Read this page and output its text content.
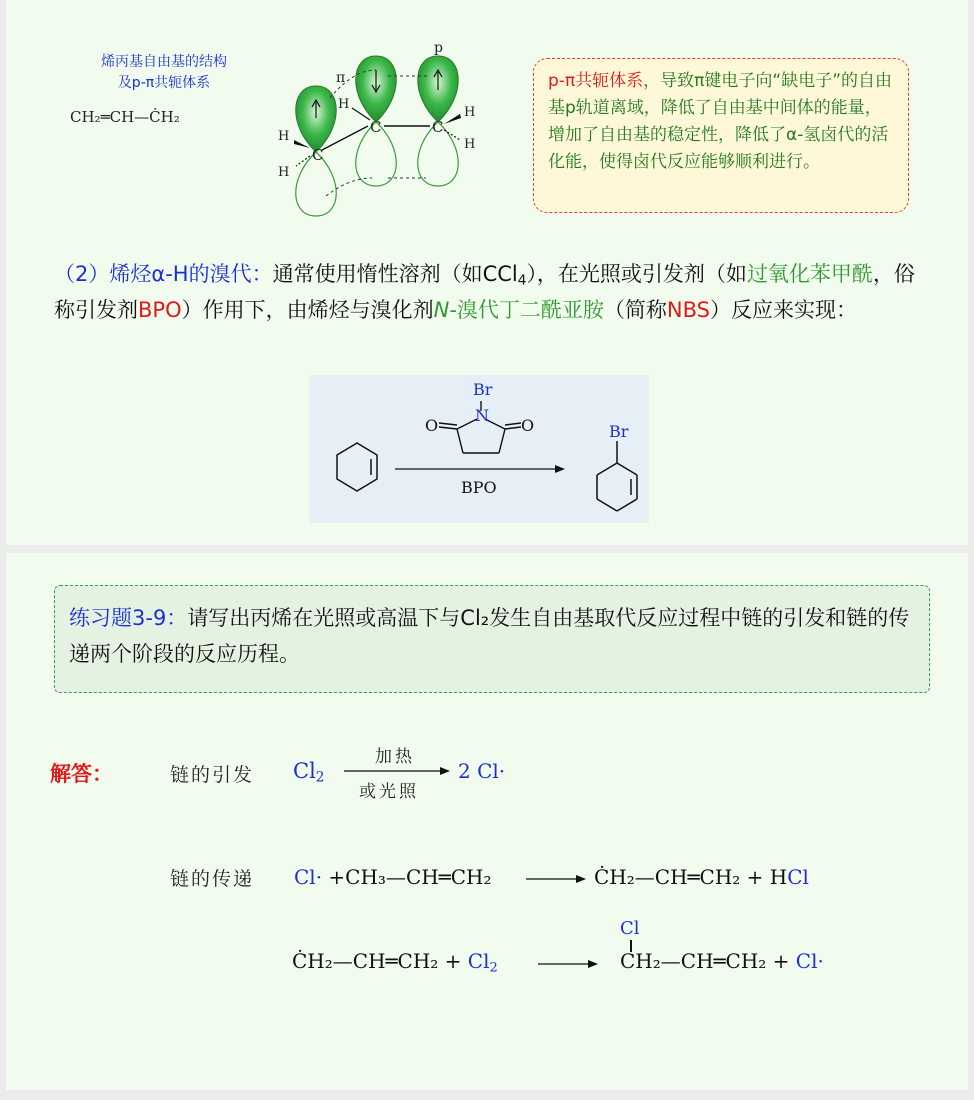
烯丙基自由基的结构
及p-π共轭体系
CH₂═CH—ĊH₂
p
π
H
C	C
C
H
H
H
H
p-π共轭体系，导致π键电子向“缺电子”的自由基p轨道离域，降低了自由基中间体的能量，增加了自由基的稳定性，降低了α-氢卤代的活化能，使得卤代反应能够顺利进行。
（2）烯烃α-H的溴代：通常使用惰性溶剂（如CCl$_4$），在光照或引发剂（如过氧化苯甲酰，俗称引发剂BPO）作用下，由烯烃与溴化剂N-溴代丁二酰亚胺（简称NBS）反应来实现：
Br
N
O	O
BPO
Br
练习题3-9：请写出丙烯在光照或高温下与Cl₂发生自由基取代反应过程中链的引发和链的传递两个阶段的反应历程。
解答：	链的引发 $Cl_2$
加热
或光照
2 Cl·
链的传递 Cl· +CH₃—CH═CH₂	ĊH₂—CH═CH₂ + HCl
ĊH₂—CH═CH₂ + $Cl_2$
Cl
CH₂—CH═CH₂ + Cl·
